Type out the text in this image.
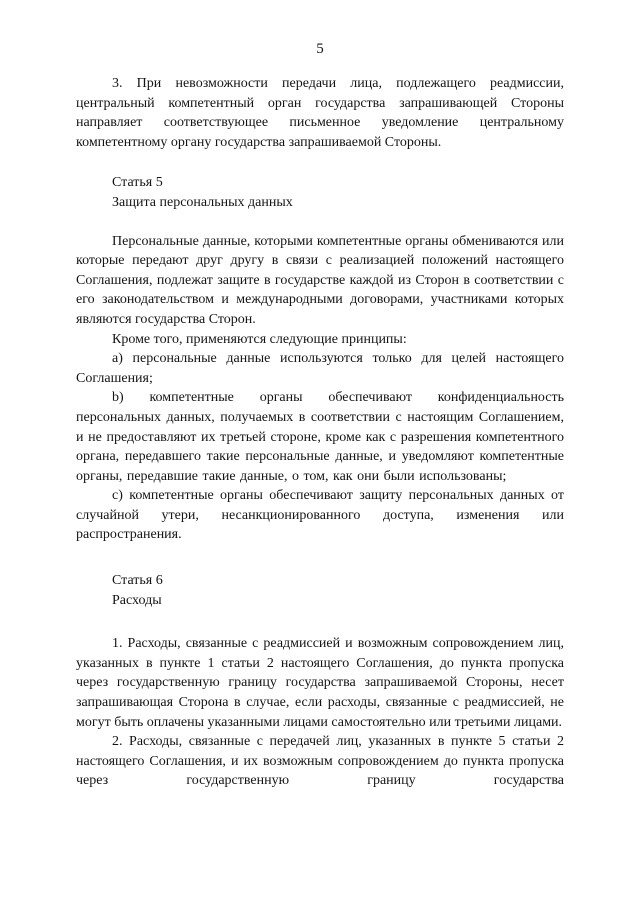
5

3. При невозможности передачи лица, подлежащего реадмиссии, центральный компетентный орган государства запрашивающей Стороны направляет соответствующее письменное уведомление центральному компетентному органу государства запрашиваемой Стороны.

Статья 5

Защита персональных данных

Персональные данные, которыми компетентные органы обмениваются или которые передают друг другу в связи с реализацией положений настоящего Соглашения, подлежат защите в государстве каждой из Сторон в соответствии с его законодательством и международными договорами, участниками которых являются государства Сторон.

Кроме того, применяются следующие принципы:

a) персональные данные используются только для целей настоящего Соглашения;

b) компетентные органы обеспечивают конфиденциальность персональных данных, получаемых в соответствии с настоящим Соглашением, и не предоставляют их третьей стороне, кроме как с разрешения компетентного органа, передавшего такие персональные данные, и уведомляют компетентные органы, передавшие такие данные, о том, как они были использованы;

c) компетентные органы обеспечивают защиту персональных данных от случайной утери, несанкционированного доступа, изменения или распространения.

Статья 6

Расходы

1. Расходы, связанные с реадмиссией и возможным сопровождением лиц, указанных в пункте 1 статьи 2 настоящего Соглашения, до пункта пропуска через государственную границу государства запрашиваемой Стороны, несет запрашивающая Сторона в случае, если расходы, связанные с реадмиссией, не могут быть оплачены указанными лицами самостоятельно или третьими лицами.

2. Расходы, связанные с передачей лиц, указанных в пункте 5 статьи 2 настоящего Соглашения, и их возможным сопровождением до пункта пропуска через государственную границу государства
